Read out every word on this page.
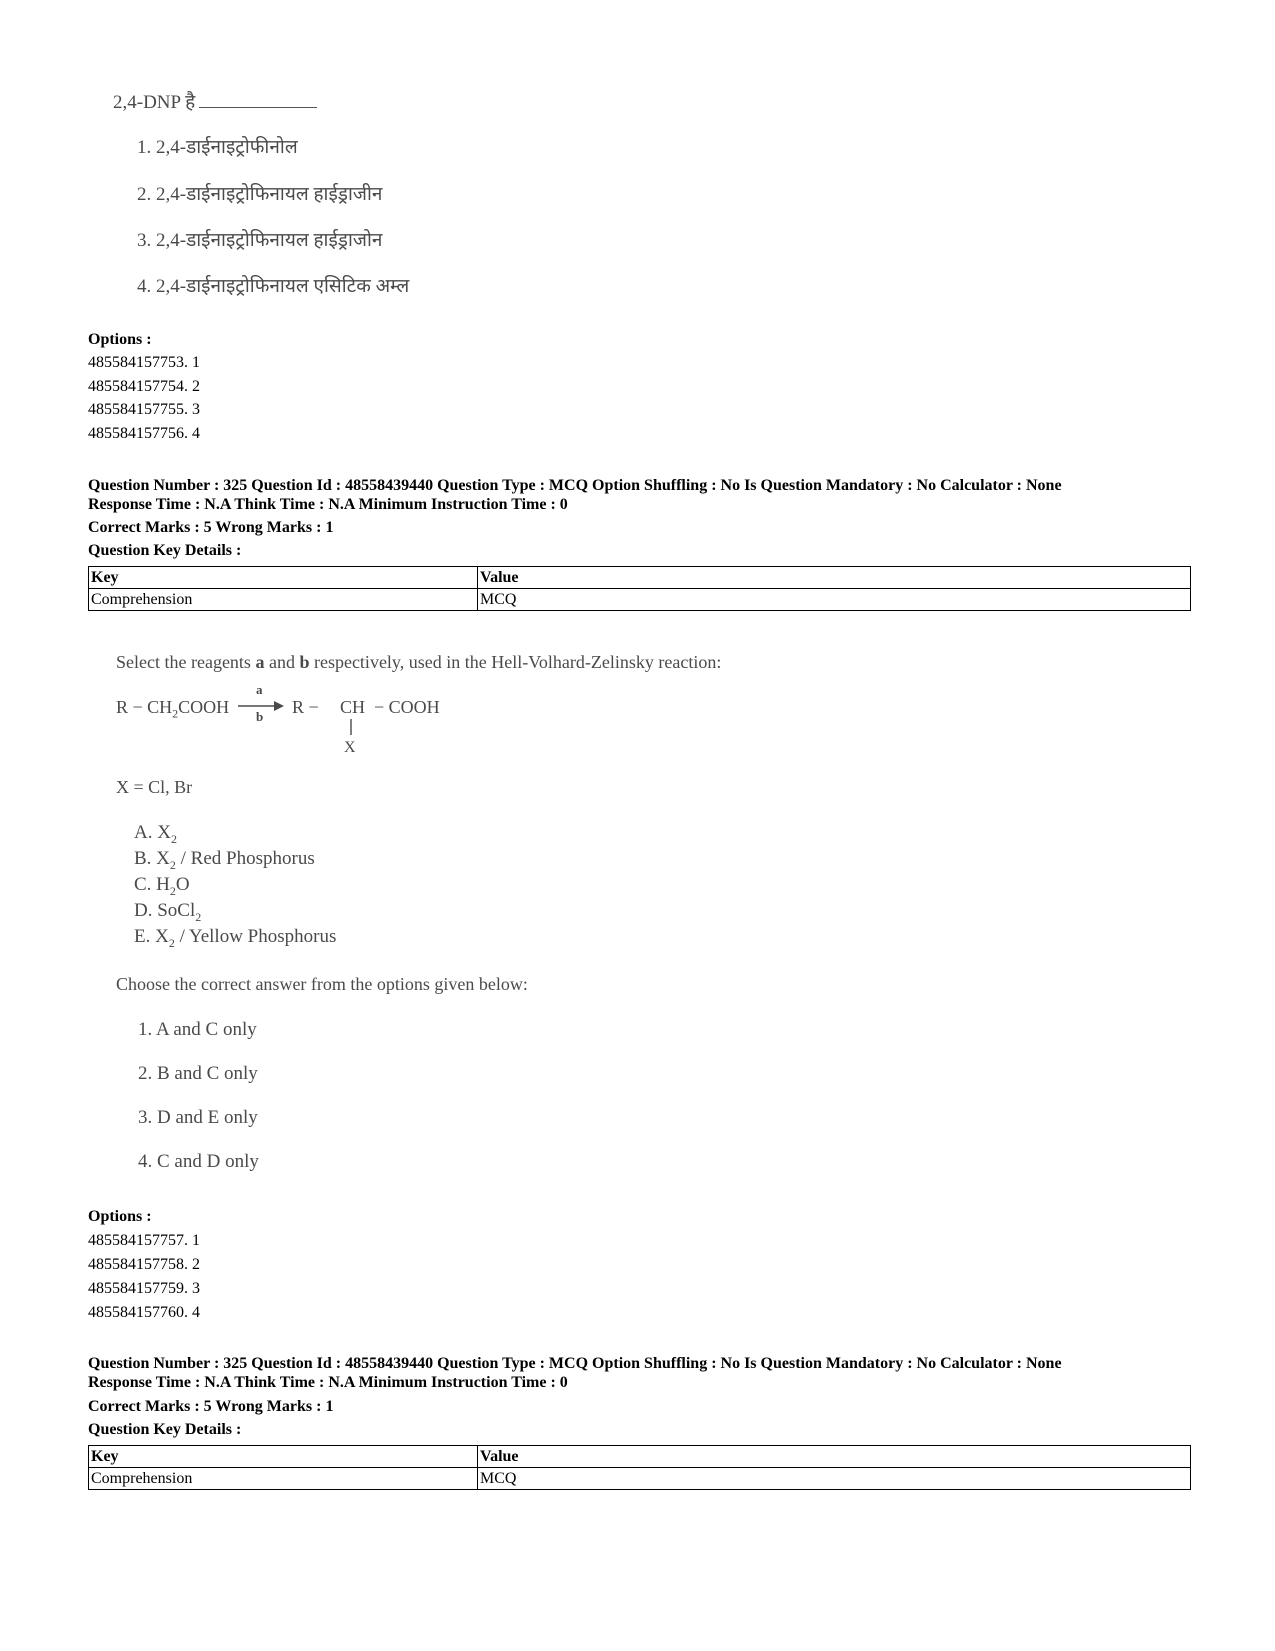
2,4-DNP है
1. 2,4-डाईनाइट्रोफीनोल
2. 2,4-डाईनाइट्रोफिनायल हाईड्राजीन
3. 2,4-डाईनाइट्रोफिनायल हाईड्राजोन
4. 2,4-डाईनाइट्रोफिनायल एसिटिक अम्ल
Options :
485584157753. 1
485584157754. 2
485584157755. 3
485584157756. 4
Question Number : 325 Question Id : 48558439440 Question Type : MCQ Option Shuffling : No Is Question Mandatory : No Calculator : None
Response Time : N.A Think Time : N.A Minimum Instruction Time : 0
Correct Marks : 5 Wrong Marks : 1
Question Key Details :
Key	Value
Comprehension	MCQ
Select the reagents a and b respectively, used in the Hell-Volhard-Zelinsky reaction:
$R - CH_2COOH$
a
b R − CH − COOH
X
X = Cl, Br
A. $X_2$
B. $X_2$ / Red Phosphorus
C. $H_2O$
D. SoCl$_2$
E. $X_2$ / Yellow Phosphorus
Choose the correct answer from the options given below:
1. A and C only
2. B and C only
3. D and E only
4. C and D only
Options :
485584157757. 1
485584157758. 2
485584157759. 3
485584157760. 4
Question Number : 325 Question Id : 48558439440 Question Type : MCQ Option Shuffling : No Is Question Mandatory : No Calculator : None
Response Time : N.A Think Time : N.A Minimum Instruction Time : 0
Correct Marks : 5 Wrong Marks : 1
Question Key Details :
Key	Value
Comprehension	MCQ
